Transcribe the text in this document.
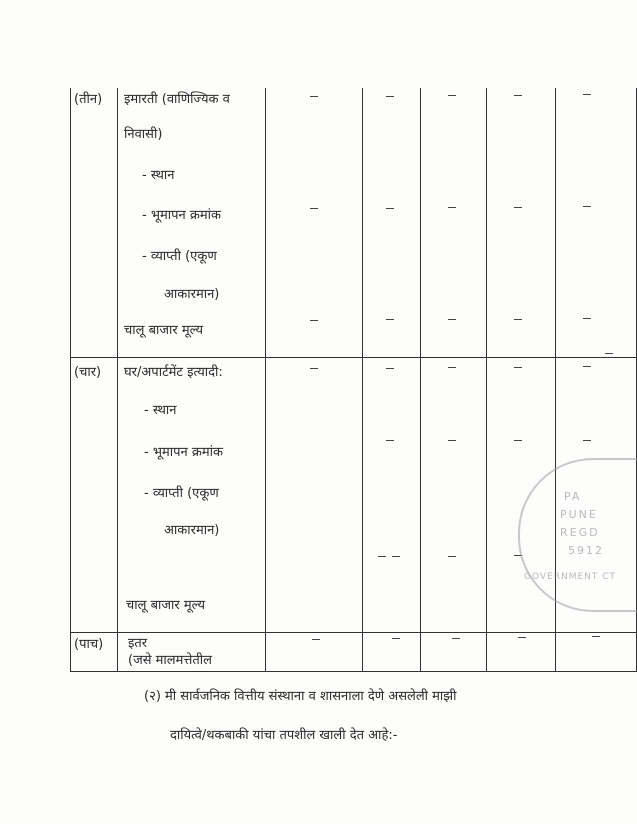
(तीन) इमारती (वाणिज्यिक व
निवासी)
- स्थान
- भूमापन क्रमांक
- व्याप्ती (एकूण
आकारमान)
चालू बाजार मूल्य
(चार) घर/अपार्टमेंट इत्यादी:
- स्थान
- भूमापन क्रमांक
- व्याप्ती (एकूण
आकारमान)
चालू बाजार मूल्य
(पाच) इतर
(जसे मालमत्तेतील
PA
PUNE
REGD
5912
GOVERNMENT CT
(२) मी सार्वजनिक वित्तीय संस्थाना व शासनाला देणे असलेली माझी
दायित्वे/थकबाकी यांचा तपशील खाली देत आहे:-
